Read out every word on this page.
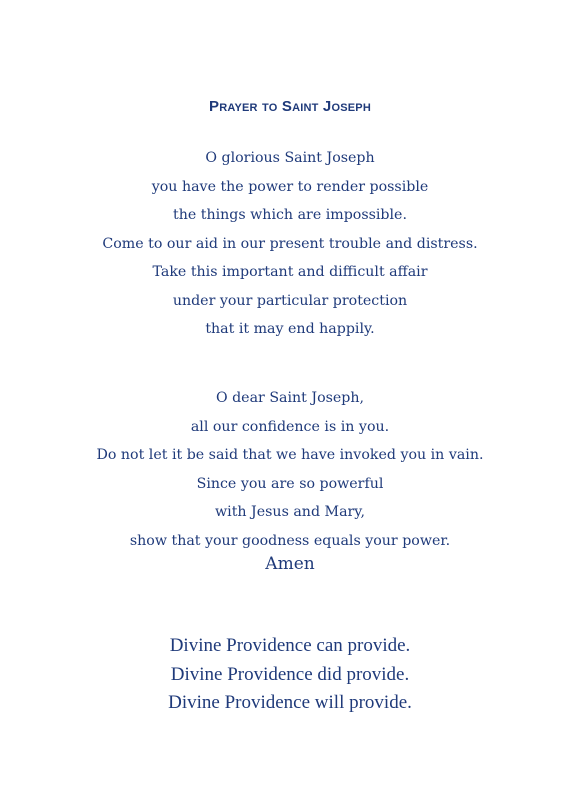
Prayer to Saint Joseph
O glorious Saint Joseph
you have the power to render possible
the things which are impossible.
Come to our aid in our present trouble and distress.
Take this important and difficult affair
under your particular protection
that it may end happily.
O dear Saint Joseph,
all our confidence is in you.
Do not let it be said that we have invoked you in vain.
Since you are so powerful
with Jesus and Mary,
show that your goodness equals your power.
Amen
Divine Providence can provide.
Divine Providence did provide.
Divine Providence will provide.
